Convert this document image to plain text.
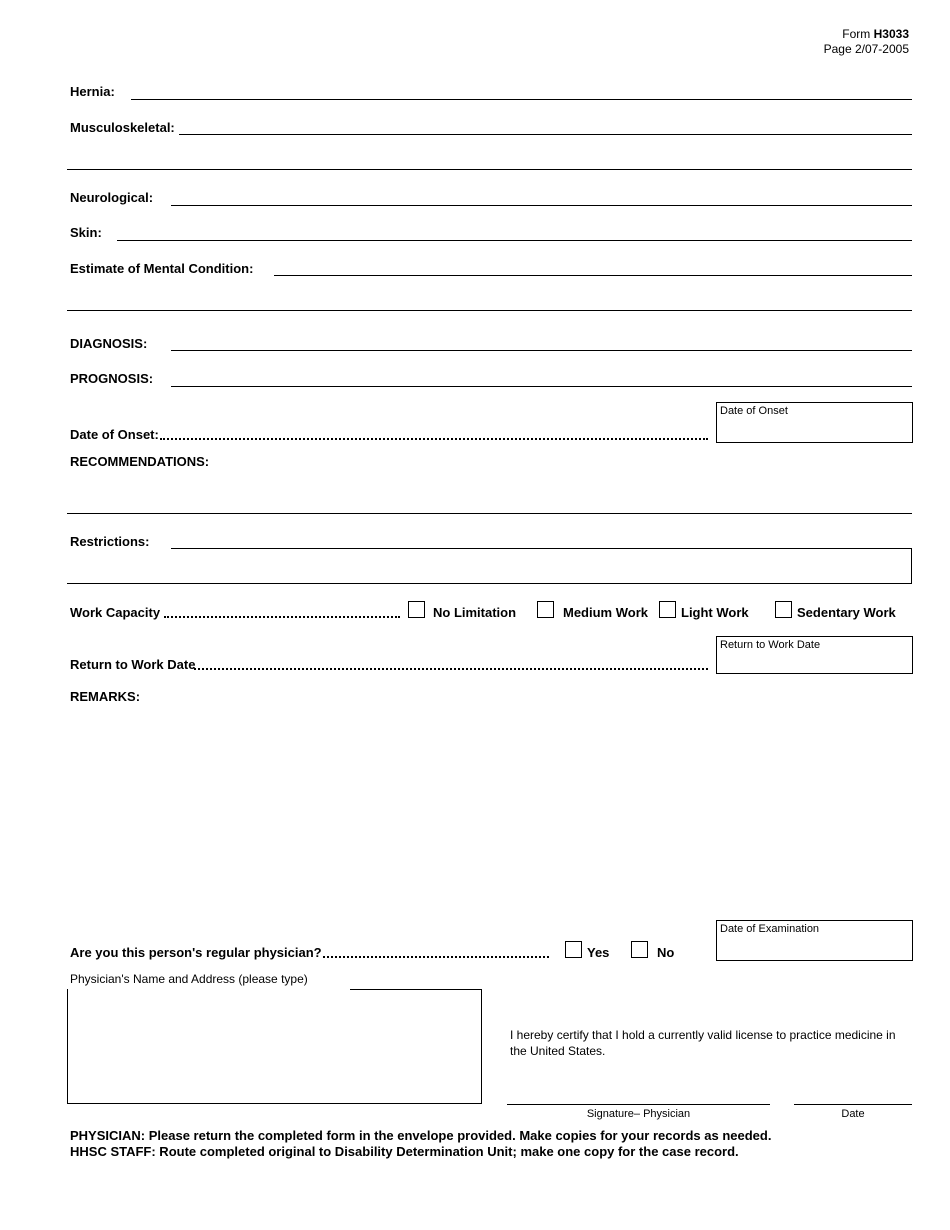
Form H3033
Page 2/07-2005
Hernia:
Musculoskeletal:
Neurological:
Skin:
Estimate of Mental Condition:
DIAGNOSIS:
PROGNOSIS:
Date of Onset:
Date of Onset
RECOMMENDATIONS:
Restrictions:
Work Capacity	No Limitation	Medium Work	Light Work	Sedentary Work
Return to Work Date
Return to Work Date
REMARKS:
Are you this person's regular physician?	Yes	No
Date of Examination
Physician's Name and Address (please type)
I hereby certify that I hold a currently valid license to practice medicine in the United States.
Signature– Physician	Date
PHYSICIAN: Please return the completed form in the envelope provided. Make copies for your records as needed.
HHSC STAFF: Route completed original to Disability Determination Unit; make one copy for the case record.
